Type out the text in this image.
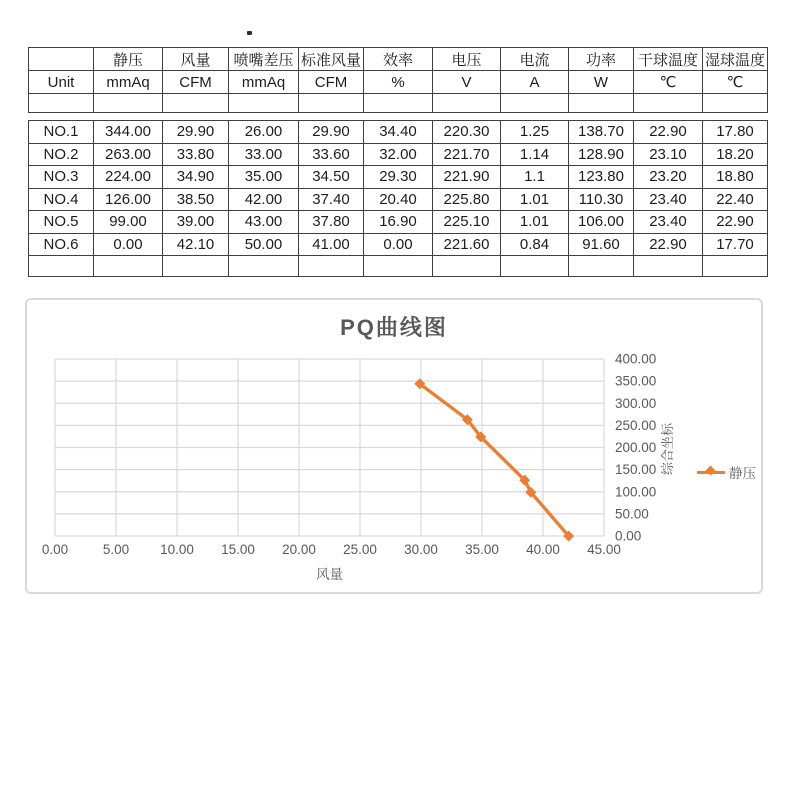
	静压	风量	喷嘴差压	标准风量	效率	电压	电流	功率	干球温度	湿球温度
Unit	mmAq	CFM	mmAq	CFM	%	V	A	W	℃	℃

NO.1	344.00	29.90	26.00	29.90	34.40	220.30	1.25	138.70	22.90	17.80
NO.2	263.00	33.80	33.00	33.60	32.00	221.70	1.14	128.90	23.10	18.20
NO.3	224.00	34.90	35.00	34.50	29.30	221.90	1.1	123.80	23.20	18.80
NO.4	126.00	38.50	42.00	37.40	20.40	225.80	1.01	110.30	23.40	22.40
NO.5	99.00	39.00	43.00	37.80	16.90	225.10	1.01	106.00	23.40	22.90
NO.6	0.00	42.10	50.00	41.00	0.00	221.60	0.84	91.60	22.90	17.70

PQ曲线图
0.00	5.00 10.00 15.00 20.00 25.00 30.00 35.00 40.00 45.00
0.00
50.00
100.00
150.00
200.00
250.00
300.00
350.00
400.00
风量
综合坐标	静压
